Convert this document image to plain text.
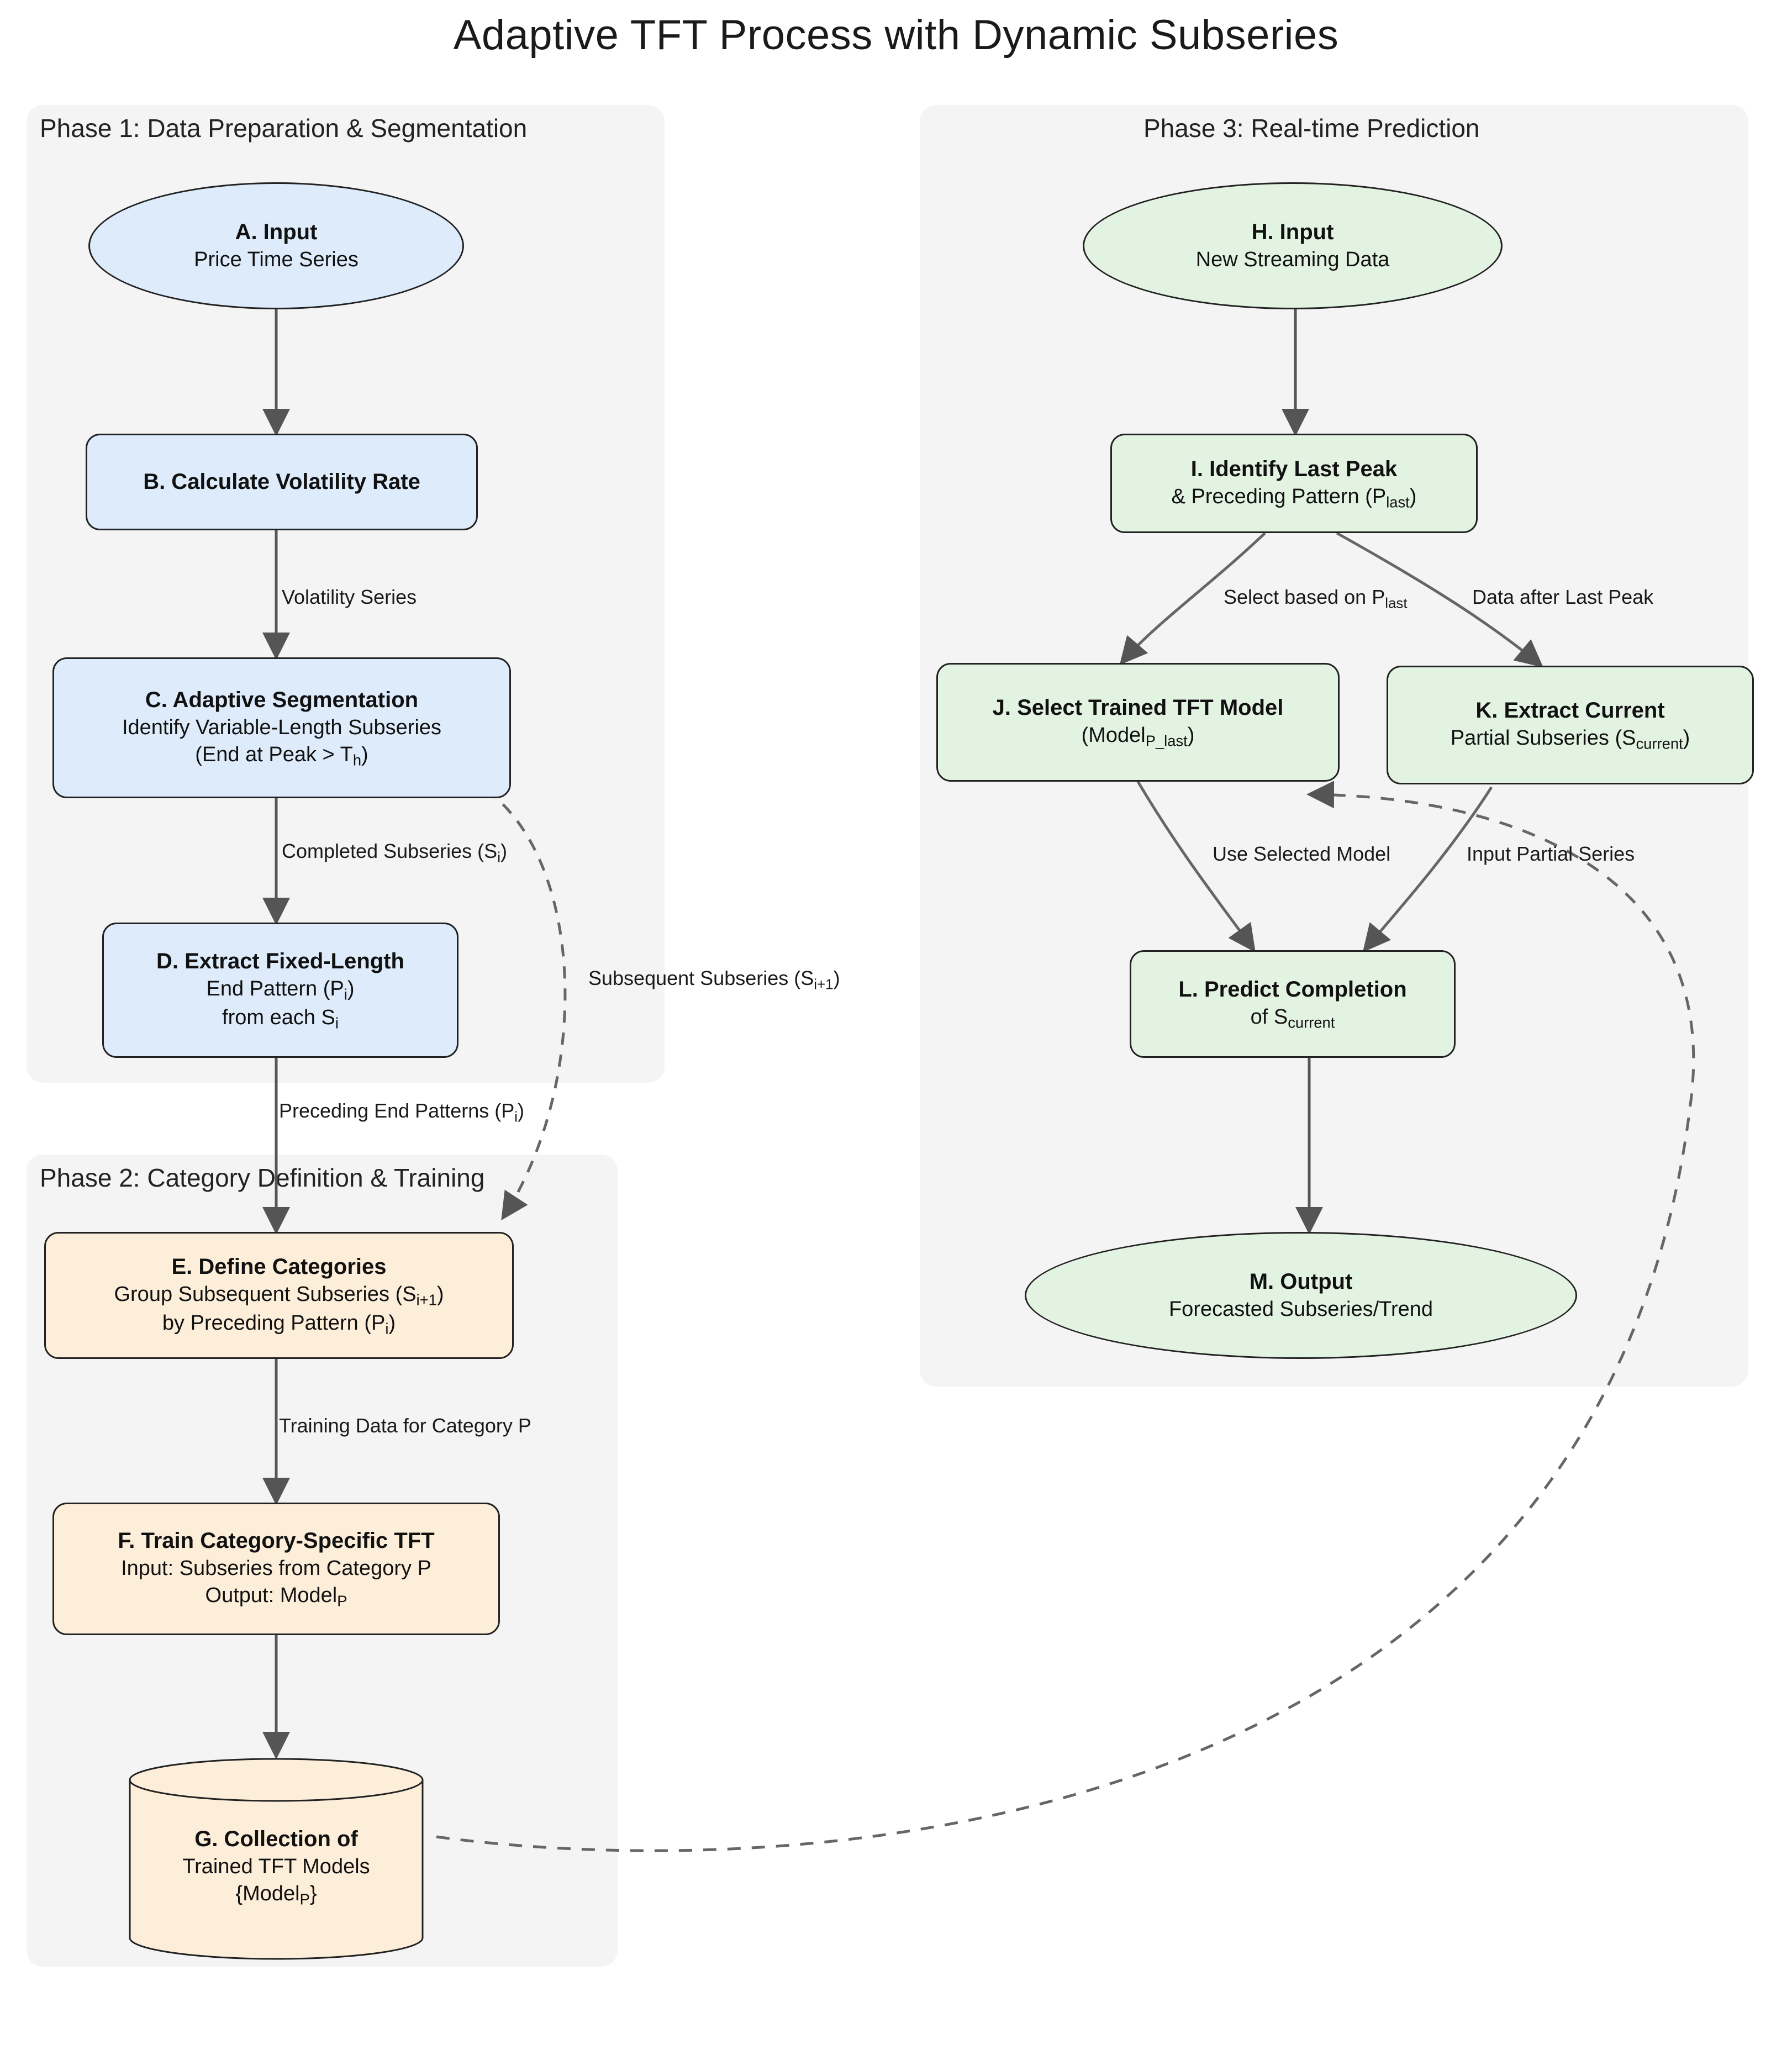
Adaptive TFT Process with Dynamic Subseries
Phase 1: Data Preparation & Segmentation
Phase 2: Category Definition & Training
Phase 3: Real-time Prediction
A. Input
Price Time Series
B. Calculate Volatility Rate
C. Adaptive Segmentation
Identify Variable-Length Subseries
(End at Peak > $T_h$)
D. Extract Fixed-Length
End Pattern $(P_i)$
from each $S_i$
E. Define Categories
Group Subsequent Subseries $(S_{i+1})$
by Preceding Pattern $(P_i)$
F. Train Category-Specific TFT
Input: Subseries from Category P
Output: Model$_P$
G. Collection of
Trained TFT Models
{Model$_P$}
H. Input
New Streaming Data
I. Identify Last Peak
& Preceding Pattern $(P_{last})$
J. Select Trained TFT Model
(Model$_{P\_last}$)
K. Extract Current
Partial Subseries $(S_{current})$
L. Predict Completion
of $S_{current}$
M. Output
Forecasted Subseries/Trend
Volatility Series
Completed Subseries $(S_i)$
Preceding End Patterns $(P_i)$
Subsequent Subseries $(S_{i+1})$
Training Data for Category P
Select based on $P_{last}$	Data after Last Peak
Use Selected Model	Input Partial Series
